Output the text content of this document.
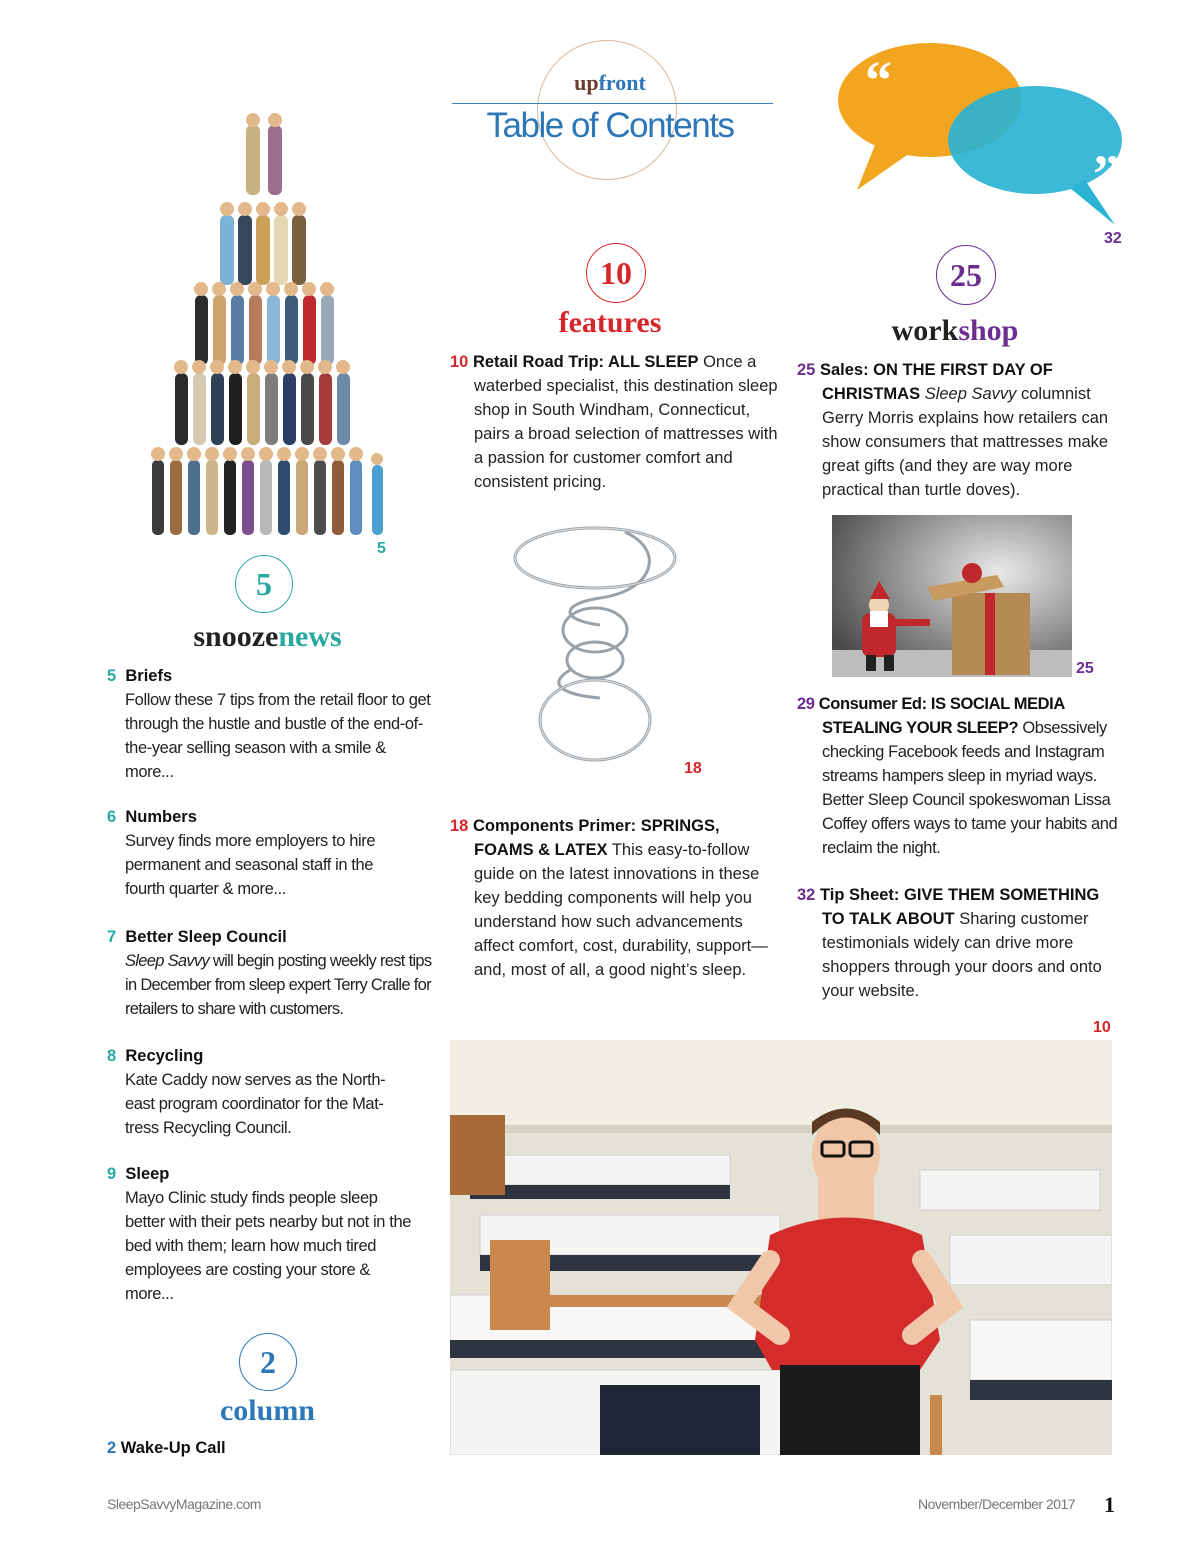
upfront
Table of Contents
“
”
32
5
5
snoozenews

5 Briefs

Follow these 7 tips from the retail floor to get through the hustle and bustle of the end-of-the-year selling season with a smile & more...

6 Numbers

Survey finds more employers to hire permanent and seasonal staff in the fourth quarter & more...

7 Better Sleep Council

Sleep Savvy will begin posting weekly rest tips in December from sleep expert Terry Cralle for retailers to share with customers.

8 Recycling

Kate Caddy now serves as the North-east program coordinator for the Mat-tress Recycling Council.

9 Sleep

Mayo Clinic study finds people sleep better with their pets nearby but not in the bed with them; learn how much tired employees are costing your store & more...

2
column

2 Wake-Up Call

10
features

10 Retail Road Trip: ALL SLEEP Once a waterbed specialist, this destination sleep shop in South Windham, Connecticut, pairs a broad selection of mattresses with a passion for customer comfort and consistent pricing.

18

18 Components Primer: SPRINGS, FOAMS & LATEX This easy-to-follow guide on the latest innovations in these key bedding components will help you understand how such advancements affect comfort, cost, durability, support—and, most of all, a good night’s sleep.

25
workshop

25 Sales: ON THE FIRST DAY OF CHRISTMAS Sleep Savvy columnist Gerry Morris explains how retailers can show consumers that mattresses make great gifts (and they are way more practical than turtle doves).

25

29 Consumer Ed: IS SOCIAL MEDIA STEALING YOUR SLEEP? Obsessively checking Facebook feeds and Instagram streams hampers sleep in myriad ways. Better Sleep Council spokeswoman Lissa Coffey offers ways to tame your habits and reclaim the night.

32 Tip Sheet: GIVE THEM SOMETHING TO TALK ABOUT Sharing customer testimonials widely can drive more shoppers through your doors and onto your website.

10
SleepSavvyMagazine.com	November/December 2017 1
